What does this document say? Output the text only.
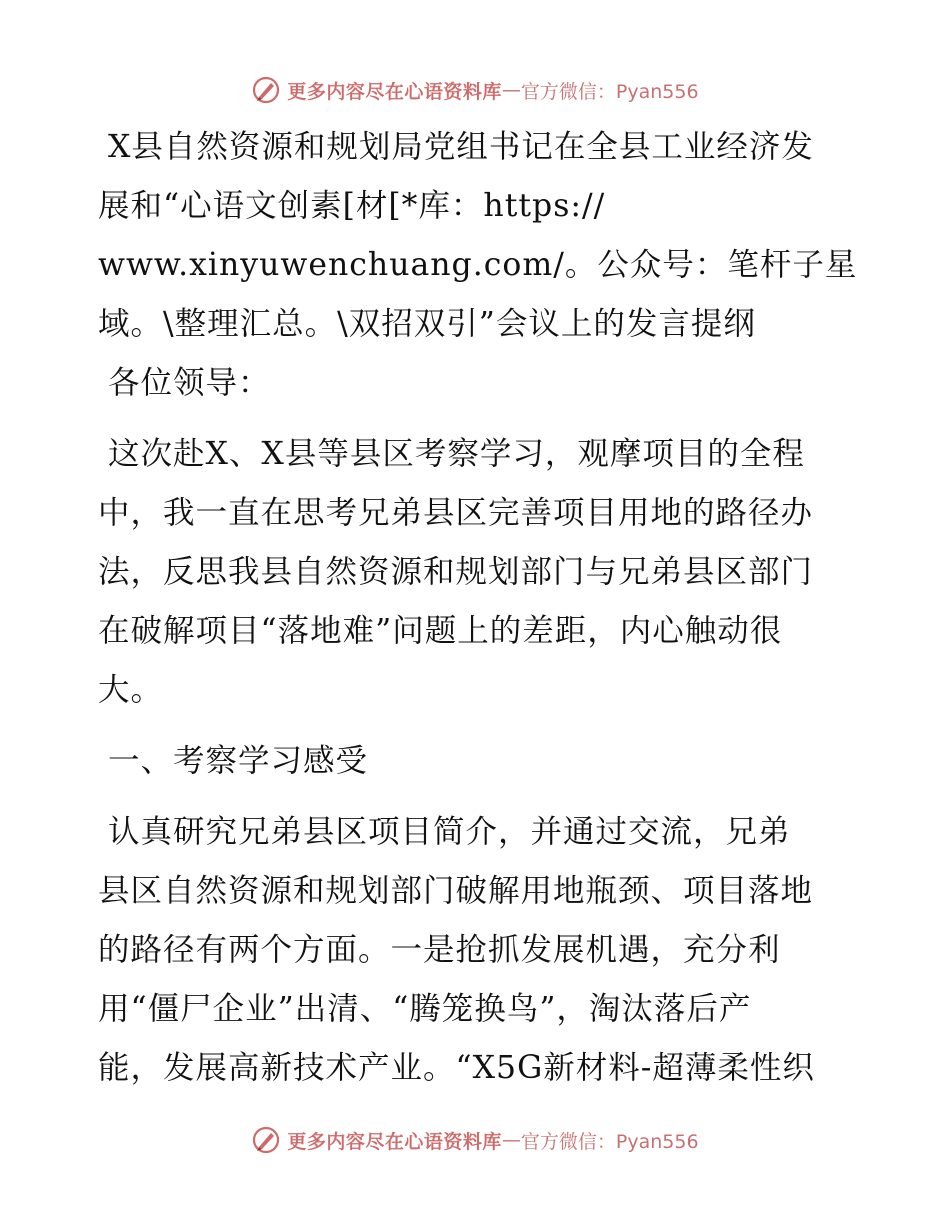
更多内容尽在心语资料库 — 官方微信：Pyan556
X县自然资源和规划局党组书记在全县工业经济发
展和“心语文创素[材[*库：https://
www.xinyuwenchuang.com/。公众号：笔杆子星
域。\整理汇总。\双招双引”会议上的发言提纲
各位领导：
这次赴X、X县等县区考察学习，观摩项目的全程
中，我一直在思考兄弟县区完善项目用地的路径办
法，反思我县自然资源和规划部门与兄弟县区部门
在破解项目“落地难”问题上的差距，内心触动很
大。
一、考察学习感受
认真研究兄弟县区项目简介，并通过交流，兄弟
县区自然资源和规划部门破解用地瓶颈、项目落地
的路径有两个方面。一是抢抓发展机遇，充分利
用“僵尸企业”出清、“腾笼换鸟”，淘汰落后产
能，发展高新技术产业。“X5G新材料-超薄柔性织
更多内容尽在心语资料库 — 官方微信：Pyan556
